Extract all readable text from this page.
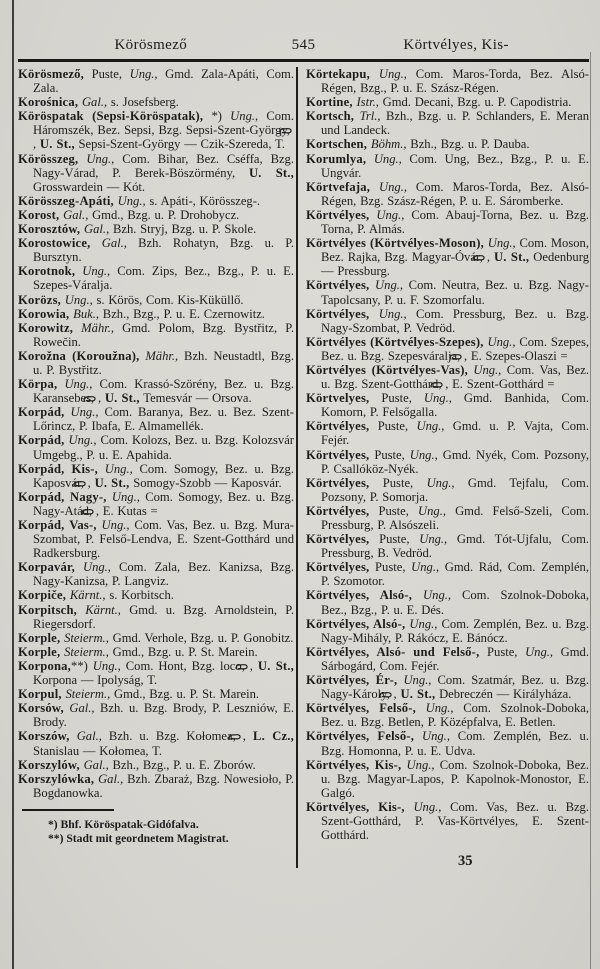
Körösmező	545	Körtvélyes, Kis-

Körösmező, Puste, Ung., Gmd. Zala-Apáti, Com. Zala.

Korośnica, Gal., s. Josefsberg.

Köröspatak (Sepsi-Köröspatak), *) Ung., Com. Háromszék, Bez. Sepsi, Bzg. Sepsi-Szent-György, , U. St., Sepsi-Szent-György — Czik-Szereda, T.

Körösszeg, Ung., Com. Bihar, Bez. Cséffa, Bzg. Nagy-Várad, P. Berek-Böszörmény, U. St., Grosswardein — Kót.

Körösszeg-Apáti, Ung., s. Apáti-, Körösszeg-.

Korost, Gal., Gmd., Bzg. u. P. Drohobycz.

Korosztów, Gal., Bzh. Stryj, Bzg. u. P. Skole.

Korostowice, Gal., Bzh. Rohatyn, Bzg. u. P. Bursztyn.

Korotnok, Ung., Com. Zips, Bez., Bzg., P. u. E. Szepes-Váralja.

Korözs, Ung., s. Körös, Com. Kis-Küküllő.

Korowia, Buk., Bzh., Bzg., P. u. E. Czernowitz.

Korowitz, Mähr., Gmd. Polom, Bzg. Bystřitz, P. Rowečin.

Korožna (Koroužna), Mähr., Bzh. Neustadtl, Bzg. u. P. Bystřitz.

Körpa, Ung., Com. Krassó-Szörény, Bez. u. Bzg. Karansebes, , U. St., Temesvár — Orsova.

Korpád, Ung., Com. Baranya, Bez. u. Bez. Szent-Lőrincz, P. Ibafa, E. Almamellék.

Korpád, Ung., Com. Kolozs, Bez. u. Bzg. Kolozsvár Umgebg., P. u. E. Apahida.

Korpád, Kis-, Ung., Com. Somogy, Bez. u. Bzg. Kaposvár, , U. St., Somogy-Szobb — Kaposvár.

Korpád, Nagy-, Ung., Com. Somogy, Bez. u. Bzg. Nagy-Atád, , E. Kutas =

Korpád, Vas-, Ung., Com. Vas, Bez. u. Bzg. Mura-Szombat, P. Felső-Lendva, E. Szent-Gotthárd und Radkersburg.

Korpavár, Ung., Com. Zala, Bez. Kanizsa, Bzg. Nagy-Kanizsa, P. Langviz.

Korpiče, Kärnt., s. Korbitsch.

Korpitsch, Kärnt., Gmd. u. Bzg. Arnoldstein, P. Riegersdorf.

Korple, Steierm., Gmd. Verhole, Bzg. u. P. Gonobitz.

Korple, Steierm., Gmd., Bzg. u. P. St. Marein.

Korpona,**) Ung., Com. Hont, Bzg. loco, , U. St., Korpona — Ipolyság, T.

Korpul, Steierm., Gmd., Bzg. u. P. St. Marein.

Korsów, Gal., Bzh. u. Bzg. Brody, P. Leszniów, E. Brody.

Korszów, Gal., Bzh. u. Bzg. Kołomea, , L. Cz., Stanislau — Kołomea, T.

Korszylów, Gal., Bzh., Bzg., P. u. E. Zborów.

Korszylówka, Gal., Bzh. Zbaraż, Bzg. Nowesioło, P. Bogdanowka.

*) Bhf. Köröspatak-Gidófalva.

**) Stadt mit geordnetem Magistrat.

Körtekapu, Ung., Com. Maros-Torda, Bez. Alsó-Régen, Bzg., P. u. E. Szász-Régen.

Kortine, Istr., Gmd. Decani, Bzg. u. P. Capodistria.

Kortsch, Trl., Bzh., Bzg. u. P. Schlanders, E. Meran und Landeck.

Kortschen, Böhm., Bzh., Bzg. u. P. Dauba.

Korumlya, Ung., Com. Ung, Bez., Bzg., P. u. E. Ungvár.

Körtvefaja, Ung., Com. Maros-Torda, Bez. Alsó-Régen, Bzg. Szász-Régen, P. u. E. Sáromberke.

Körtvélyes, Ung., Com. Abauj-Torna, Bez. u. Bzg. Torna, P. Almás.

Körtvélyes (Körtvélyes-Moson), Ung., Com. Moson, Bez. Rajka, Bzg. Magyar-Óvár, , U. St., Oedenburg — Pressburg.

Körtvélyes, Ung., Com. Neutra, Bez. u. Bzg. Nagy-Tapolcsany, P. u. F. Szomorfalu.

Körtvélyes, Ung., Com. Pressburg, Bez. u. Bzg. Nagy-Szombat, P. Vedröd.

Körtvélyes (Körtvélyes-Szepes), Ung., Com. Szepes, Bez. u. Bzg. Szepesváralja, , E. Szepes-Olaszi =

Körtvélyes (Körtvélyes-Vas), Ung., Com. Vas, Bez. u. Bzg. Szent-Gotthárd, , E. Szent-Gotthárd =

Körtvelyes, Puste, Ung., Gmd. Banhida, Com. Komorn, P. Felsőgalla.

Körtvélyes, Puste, Ung., Gmd. u. P. Vajta, Com. Fejér.

Körtvélyes, Puste, Ung., Gmd. Nyék, Com. Pozsony, P. Csallóköz-Nyék.

Körtvélyes, Puste, Ung., Gmd. Tejfalu, Com. Pozsony, P. Somorja.

Körtvélyes, Puste, Ung., Gmd. Felső-Szeli, Com. Pressburg, P. Alsószeli.

Körtvélyes, Puste, Ung., Gmd. Tót-Ujfalu, Com. Pressburg, B. Vedröd.

Körtvélyes, Puste, Ung., Gmd. Rád, Com. Zemplén, P. Szomotor.

Körtvélyes, Alsó-, Ung., Com. Szolnok-Doboka, Bez., Bzg., P. u. E. Dés.

Körtvélyes, Alsó-, Ung., Com. Zemplén, Bez. u. Bzg. Nagy-Mihály, P. Rákócz, E. Bánócz.

Körtvélyes, Alsó- und Felső-, Puste, Ung., Gmd. Sárbogárd, Com. Fejér.

Körtvélyes, Ér-, Ung., Com. Szatmár, Bez. u. Bzg. Nagy-Károly, , U. St., Debreczén — Királyháza.

Körtvélyes, Felső-, Ung., Com. Szolnok-Doboka, Bez. u. Bzg. Betlen, P. Középfalva, E. Betlen.

Körtvélyes, Felső-, Ung., Com. Zemplén, Bez. u. Bzg. Homonna, P. u. E. Udva.

Körtvélyes, Kis-, Ung., Com. Szolnok-Doboka, Bez. u. Bzg. Magyar-Lapos, P. Kapolnok-Monostor, E. Galgó.

Körtvélyes, Kis-, Ung., Com. Vas, Bez. u. Bzg. Szent-Gotthárd, P. Vas-Körtvélyes, E. Szent-Gotthárd.

35
